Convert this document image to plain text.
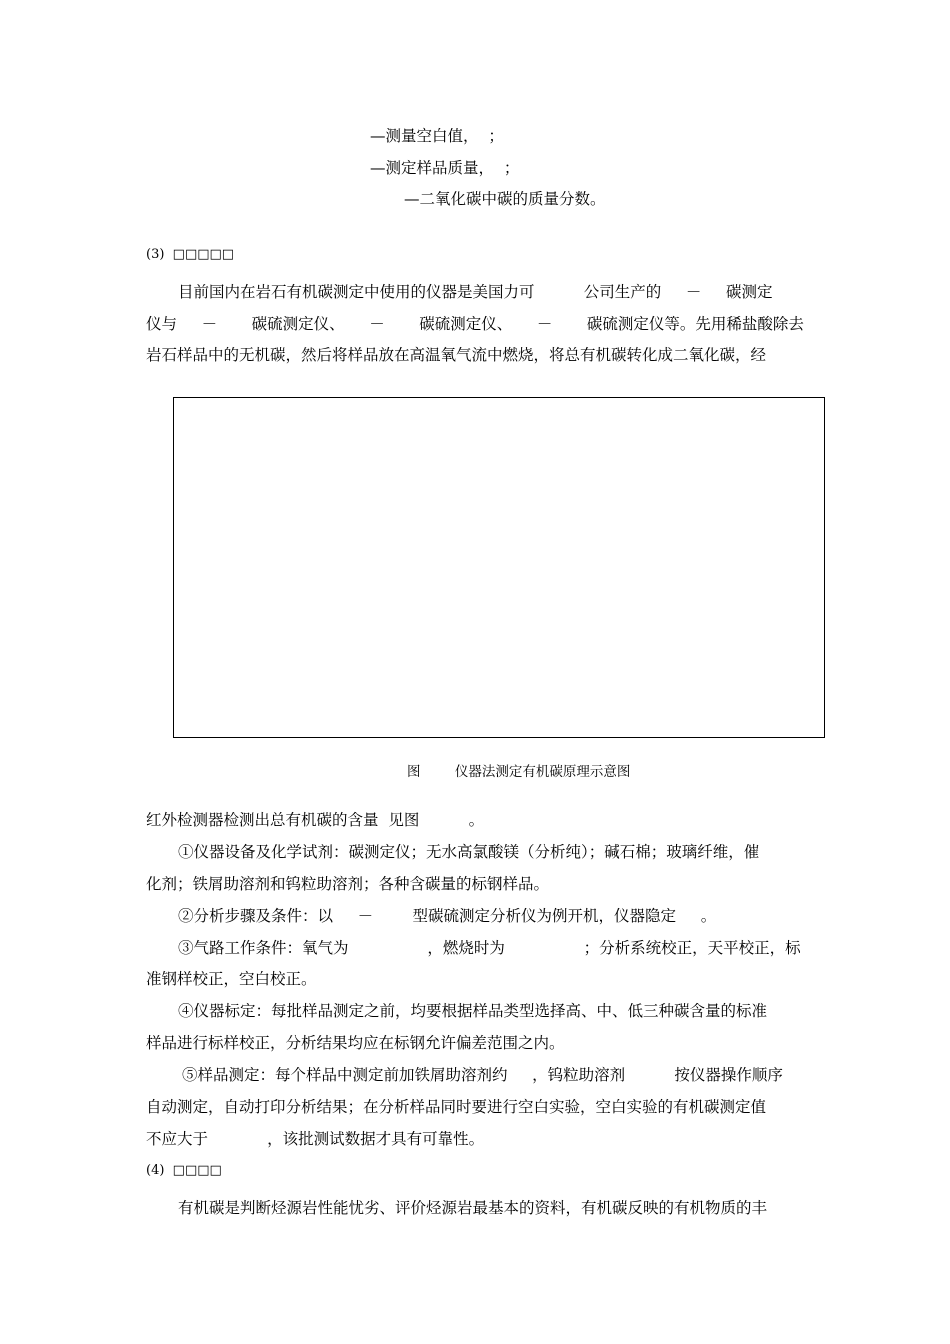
—测量空白值，  ；
—测定样品质量，  ；
—二氧化碳中碳的质量分数。
(3)  □□□□□
目前国内在岩石有机碳测定中使用的仪器是美国力可          公司生产的     －     碳测定
仪与     －       碳硫测定仪、     －       碳硫测定仪、     －       碳硫测定仪等。先用稀盐酸除去
岩石样品中的无机碳，然后将样品放在高温氧气流中燃烧，将总有机碳转化成二氧化碳，经
图        仪器法测定有机碳原理示意图
红外检测器检测出总有机碳的含量  见图          。
①仪器设备及化学试剂：碳测定仪；无水高氯酸镁（分析纯）；碱石棉；玻璃纤维，催
化剂；铁屑助溶剂和钨粒助溶剂；各种含碳量的标钢样品。
②分析步骤及条件：以     －        型碳硫测定分析仪为例开机，仪器隐定     。
③气路工作条件：氧气为                ，燃烧时为                ；分析系统校正，天平校正，标
准钢样校正，空白校正。
④仪器标定：每批样品测定之前，均要根据样品类型选择高、中、低三种碳含量的标准
样品进行标样校正，分析结果均应在标钢允许偏差范围之内。
⑤样品测定：每个样品中测定前加铁屑助溶剂约     ，钨粒助溶剂          按仪器操作顺序
自动测定，自动打印分析结果；在分析样品同时要进行空白实验，空白实验的有机碳测定值
不应大于            ，该批测试数据才具有可靠性。
(4)  □□□□
有机碳是判断烃源岩性能忧劣、评价烃源岩最基本的资料，有机碳反映的有机物质的丰
